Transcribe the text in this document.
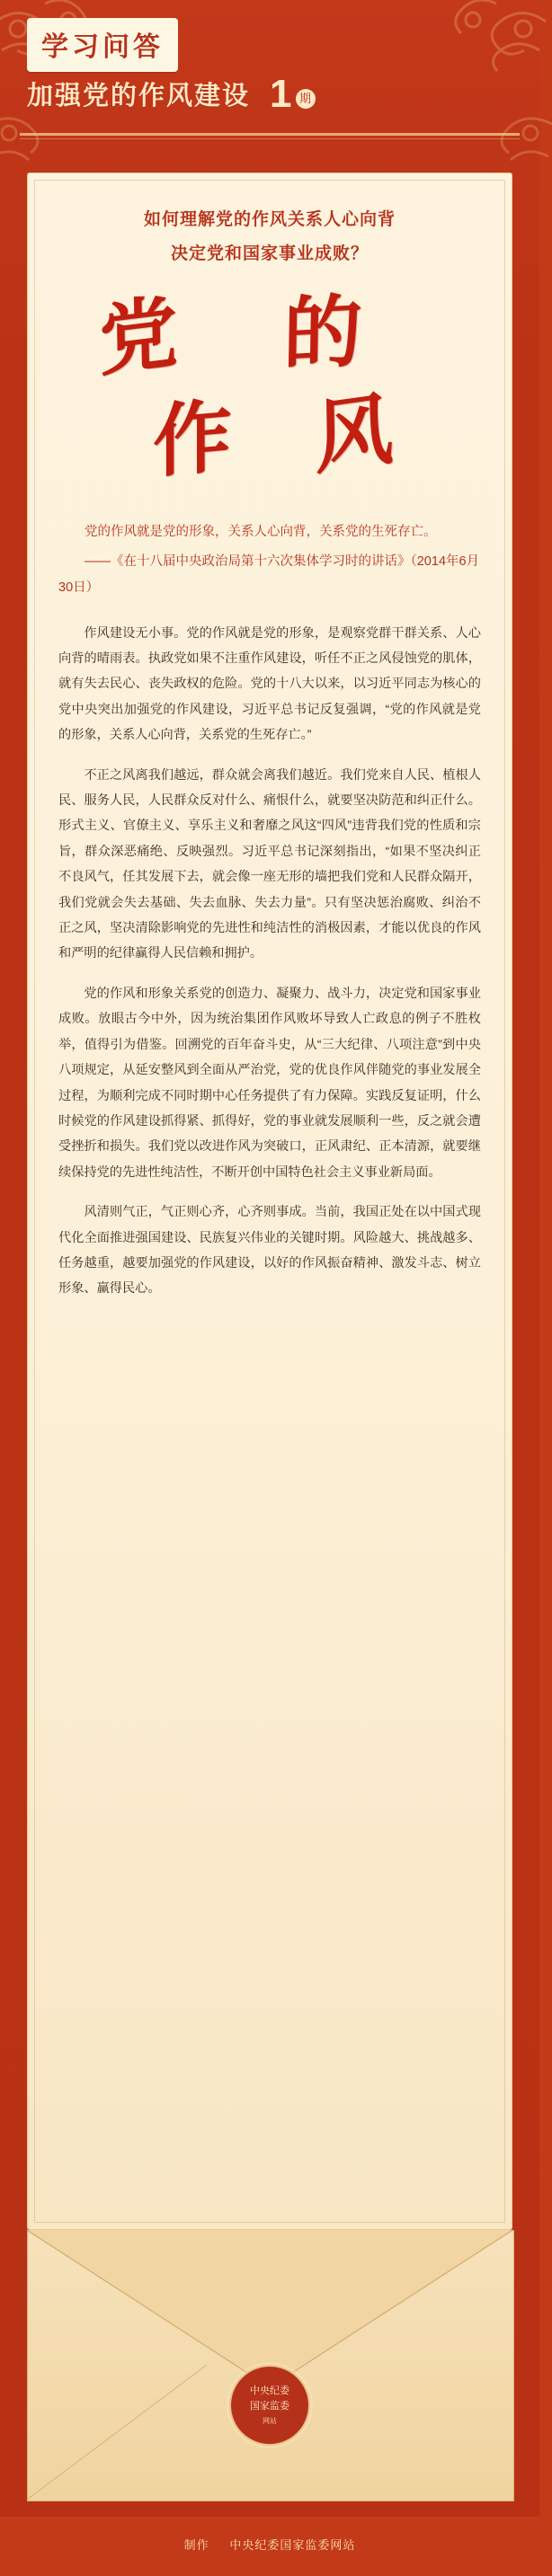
学习问答
加强党的作风建设 1 期
如何理解党的作风关系人心向背
决定党和国家事业成败？
党 的
作 风
党的作风就是党的形象，关系人心向背，关系党的生死存亡。
——《在十八届中央政治局第十六次集体学习时的讲话》（2014年6月30日）

作风建设无小事。党的作风就是党的形象，是观察党群干群关系、人心向背的晴雨表。执政党如果不注重作风建设，听任不正之风侵蚀党的肌体，就有失去民心、丧失政权的危险。党的十八大以来，以习近平同志为核心的党中央突出加强党的作风建设，习近平总书记反复强调，“党的作风就是党的形象，关系人心向背，关系党的生死存亡。”

不正之风离我们越远，群众就会离我们越近。我们党来自人民、植根人民、服务人民，人民群众反对什么、痛恨什么，就要坚决防范和纠正什么。形式主义、官僚主义、享乐主义和奢靡之风这“四风”违背我们党的性质和宗旨，群众深恶痛绝、反映强烈。习近平总书记深刻指出，“如果不坚决纠正不良风气，任其发展下去，就会像一座无形的墙把我们党和人民群众隔开，我们党就会失去基础、失去血脉、失去力量”。只有坚决惩治腐败、纠治不正之风，坚决清除影响党的先进性和纯洁性的消极因素，才能以优良的作风和严明的纪律赢得人民信赖和拥护。

党的作风和形象关系党的创造力、凝聚力、战斗力，决定党和国家事业成败。放眼古今中外，因为统治集团作风败坏导致人亡政息的例子不胜枚举，值得引为借鉴。回溯党的百年奋斗史，从“三大纪律、八项注意”到中央八项规定，从延安整风到全面从严治党，党的优良作风伴随党的事业发展全过程，为顺利完成不同时期中心任务提供了有力保障。实践反复证明，什么时候党的作风建设抓得紧、抓得好，党的事业就发展顺利一些，反之就会遭受挫折和损失。我们党以改进作风为突破口，正风肃纪、正本清源，就要继续保持党的先进性纯洁性，不断开创中国特色社会主义事业新局面。

风清则气正，气正则心齐，心齐则事成。当前，我国正处在以中国式现代化全面推进强国建设、民族复兴伟业的关键时期。风险越大、挑战越多、任务越重，越要加强党的作风建设，以好的作风振奋精神、激发斗志、树立形象、赢得民心。

中央纪委
国家监委
网站
制作 中央纪委国家监委网站
